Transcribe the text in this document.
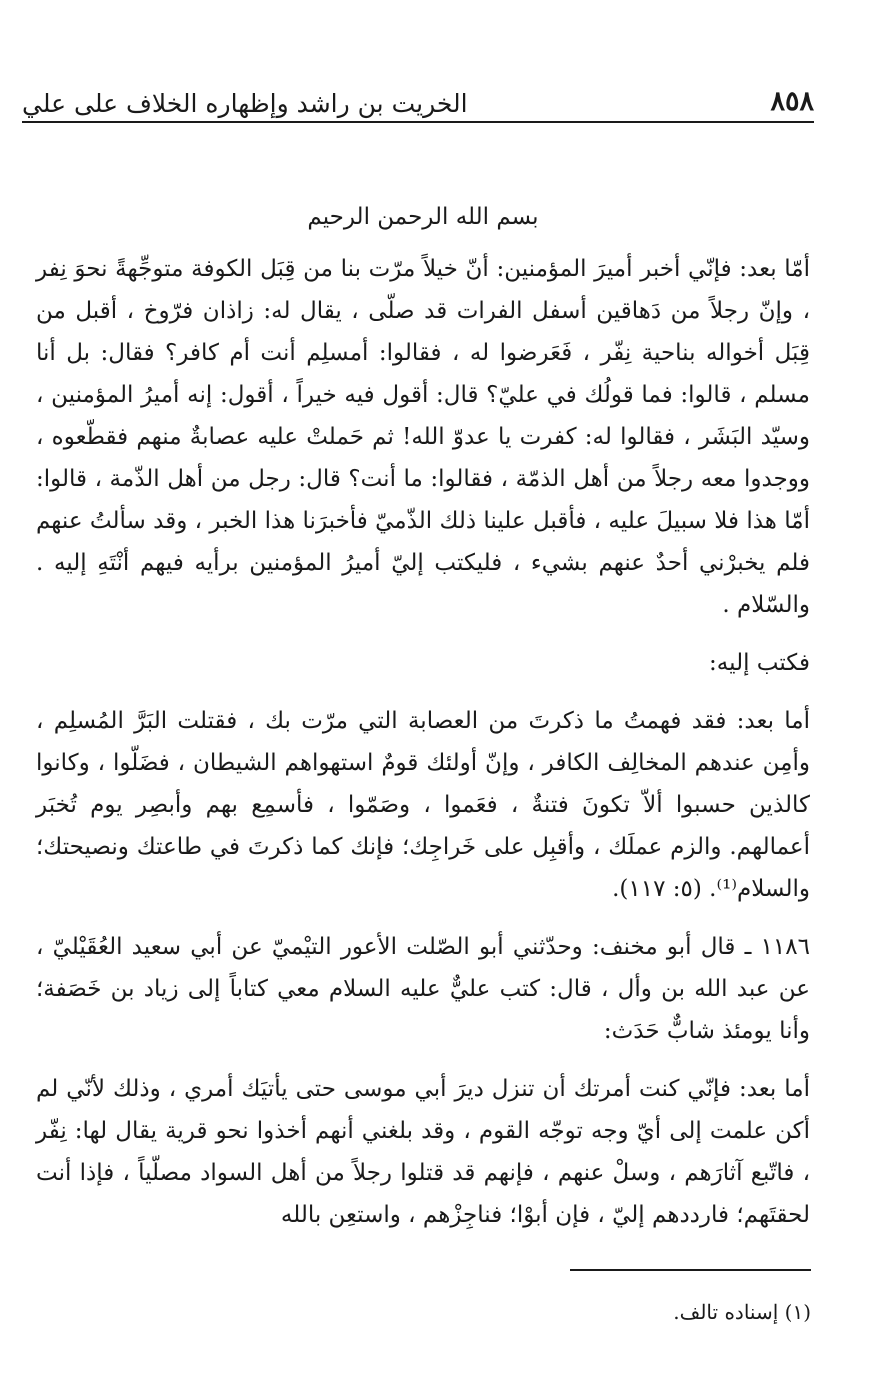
٨٥٨
الخريت بن راشد وإظهاره الخلاف على علي
بسم الله الرحمن الرحيم

أمّا بعد: فإنّي أخبر أميرَ المؤمنين: أنّ خيلاً مرّت بنا من قِبَل الكوفة متوجِّهةً نحوَ نِفر ، وإنّ رجلاً من دَهاقين أسفل الفرات قد صلّى ، يقال له: زاذان فرّوخ ، أقبل من قِبَل أخواله بناحية نِفّر ، فَعَرضوا له ، فقالوا: أمسلِم أنت أم كافر؟ فقال: بل أنا مسلم ، قالوا: فما قولُك في عليّ؟ قال: أقول فيه خيراً ، أقول: إنه أميرُ المؤمنين ، وسيّد البَشَر ، فقالوا له: كفرت يا عدوّ الله! ثم حَملتْ عليه عصابةٌ منهم فقطّعوه ، ووجدوا معه رجلاً من أهل الذمّة ، فقالوا: ما أنت؟ قال: رجل من أهل الذّمة ، قالوا: أمّا هذا فلا سبيلَ عليه ، فأقبل علينا ذلك الذّميّ فأخبرَنا هذا الخبر ، وقد سألتُ عنهم فلم يخبرْني أحدٌ عنهم بشيء ، فليكتب إليّ أميرُ المؤمنين برأيه فيهم أنْتَهِ إليه . والسّلام .

فكتب إليه:

أما بعد: فقد فهمتُ ما ذكرتَ من العصابة التي مرّت بك ، فقتلت البَرَّ المُسلِم ، وأمِن عندهم المخالِف الكافر ، وإنّ أولئك قومٌ استهواهم الشيطان ، فضَلّوا ، وكانوا كالذين حسبوا ألاّ تكونَ فتنةٌ ، فعَموا ، وصَمّوا ، فأسمِع بهم وأبصِر يوم تُخبَر أعمالهم. والزم عملَك ، وأقبِل على خَراجِك؛ فإنك كما ذكرتَ في طاعتك ونصيحتك؛ والسلام⁽¹⁾. (٥: ١١٧).

١١٨٦ ـ قال أبو مخنف: وحدّثني أبو الصّلت الأعور التيْميّ عن أبي سعيد العُقَيْليّ ، عن عبد الله بن وأل ، قال: كتب عليٌّ عليه السلام معي كتاباً إلى زياد بن خَصَفة؛ وأنا يومئذ شابٌّ حَدَث:

أما بعد: فإنّي كنت أمرتك أن تنزل ديرَ أبي موسى حتى يأتيَك أمري ، وذلك لأنّي لم أكن علمت إلى أيّ وجه توجّه القوم ، وقد بلغني أنهم أخذوا نحو قرية يقال لها: نِفّر ، فاتّبع آثارَهم ، وسلْ عنهم ، فإنهم قد قتلوا رجلاً من أهل السواد مصلّياً ، فإذا أنت لحقتَهم؛ فارددهم إليّ ، فإن أبوْا؛ فناجِزْهم ، واستعِن بالله

(١) إسناده تالف.
